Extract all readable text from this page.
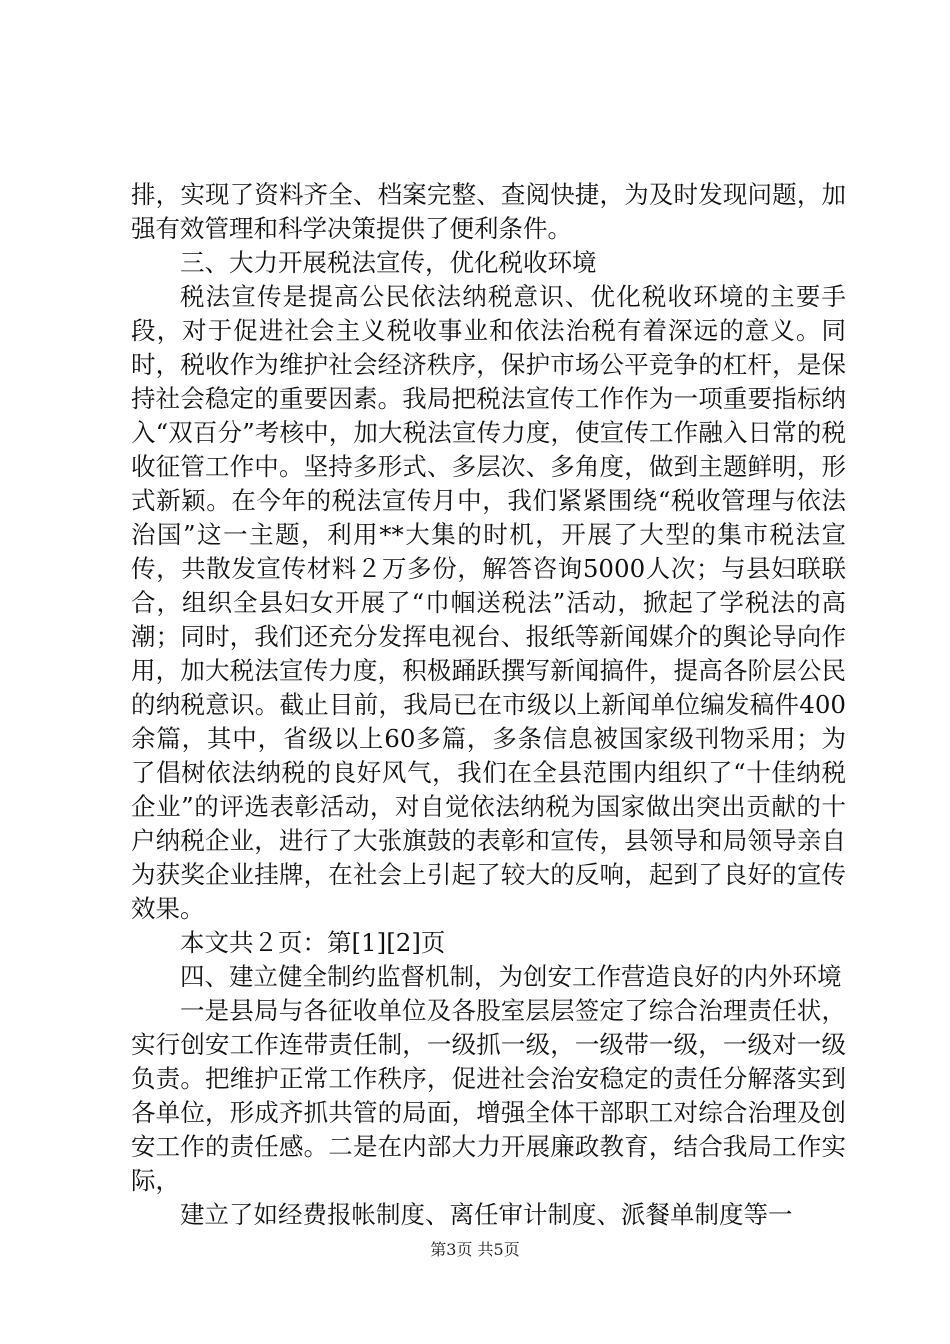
排，实现了资料齐全、档案完整、查阅快捷，为及时发现问题，加强有效管理和科学决策提供了便利条件。

三、大力开展税法宣传，优化税收环境

税法宣传是提高公民依法纳税意识、优化税收环境的主要手段，对于促进社会主义税收事业和依法治税有着深远的意义。同时，税收作为维护社会经济秩序，保护市场公平竞争的杠杆，是保持社会稳定的重要因素。我局把税法宣传工作作为一项重要指标纳入“双百分”考核中，加大税法宣传力度，使宣传工作融入日常的税收征管工作中。坚持多形式、多层次、多角度，做到主题鲜明，形式新颖。在今年的税法宣传月中，我们紧紧围绕“税收管理与依法治国”这一主题，利用**大集的时机，开展了大型的集市税法宣传，共散发宣传材料２万多份，解答咨询5000人次；与县妇联联合，组织全县妇女开展了“巾帼送税法”活动，掀起了学税法的高潮；同时，我们还充分发挥电视台、报纸等新闻媒介的舆论导向作用，加大税法宣传力度，积极踊跃撰写新闻搞件，提高各阶层公民的纳税意识。截止目前，我局已在市级以上新闻单位编发稿件400余篇，其中，省级以上60多篇，多条信息被国家级刊物采用；为了倡树依法纳税的良好风气，我们在全县范围内组织了“十佳纳税企业”的评选表彰活动，对自觉依法纳税为国家做出突出贡献的十户纳税企业，进行了大张旗鼓的表彰和宣传，县领导和局领导亲自为获奖企业挂牌，在社会上引起了较大的反响，起到了良好的宣传效果。

本文共２页：第[1][2]页

四、建立健全制约监督机制，为创安工作营造良好的内外环境

一是县局与各征收单位及各股室层层签定了综合治理责任状，实行创安工作连带责任制，一级抓一级，一级带一级，一级对一级负责。把维护正常工作秩序，促进社会治安稳定的责任分解落实到各单位，形成齐抓共管的局面，增强全体干部职工对综合治理及创安工作的责任感。二是在内部大力开展廉政教育，结合我局工作实际，

建立了如经费报帐制度、离任审计制度、派餐单制度等一

第3页 共5页
